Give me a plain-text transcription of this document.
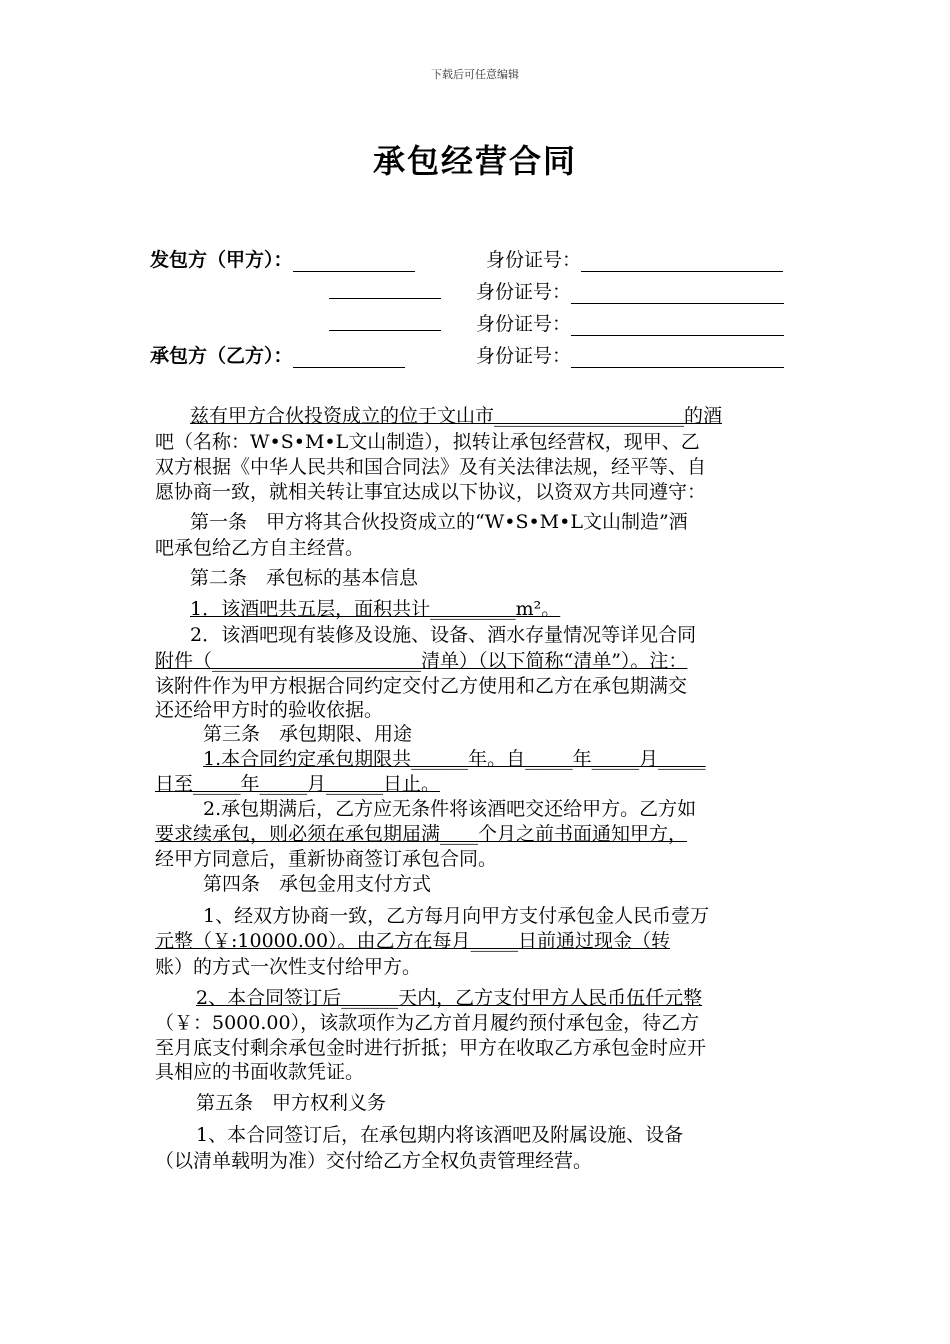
下载后可任意编辑
承包经营合同
发包方（甲方）：	身份证号：
身份证号：
身份证号：
承包方（乙方）：	身份证号：
兹有甲方合伙投资成立的位于文山市____________________的酒
吧（名称：W•S•M•L文山制造），拟转让承包经营权，现甲、乙
双方根据《中华人民共和国合同法》及有关法律法规，经平等、自
愿协商一致，就相关转让事宜达成以下协议，以资双方共同遵守：
第一条　甲方将其合伙投资成立的“W•S•M•L文山制造”酒
吧承包给乙方自主经营。
第二条　承包标的基本信息
1．该酒吧共五层，面积共计_________m²。
2．该酒吧现有装修及设施、设备、酒水存量情况等详见合同
附件（______________________清单）（以下简称“清单”）。注：
该附件作为甲方根据合同约定交付乙方使用和乙方在承包期满交
还还给甲方时的验收依据。
第三条　承包期限、用途
1.本合同约定承包期限共______年。自_____年_____月_____
日至_____年_____月______日止。
2.承包期满后，乙方应无条件将该酒吧交还给甲方。乙方如
要求续承包，则必须在承包期届满____个月之前书面通知甲方，
经甲方同意后，重新协商签订承包合同。
第四条　承包金用支付方式
1、经双方协商一致，乙方每月向甲方支付承包金人民币壹万
元整（￥:10000.00）。由乙方在每月_____日前通过现金（转
账）的方式一次性支付给甲方。
2、本合同签订后______天内，乙方支付甲方人民币伍仟元整
（￥：5000.00），该款项作为乙方首月履约预付承包金，待乙方
至月底支付剩余承包金时进行折抵；甲方在收取乙方承包金时应开
具相应的书面收款凭证。
第五条　甲方权利义务
1、本合同签订后，在承包期内将该酒吧及附属设施、设备
（以清单载明为准）交付给乙方全权负责管理经营。
